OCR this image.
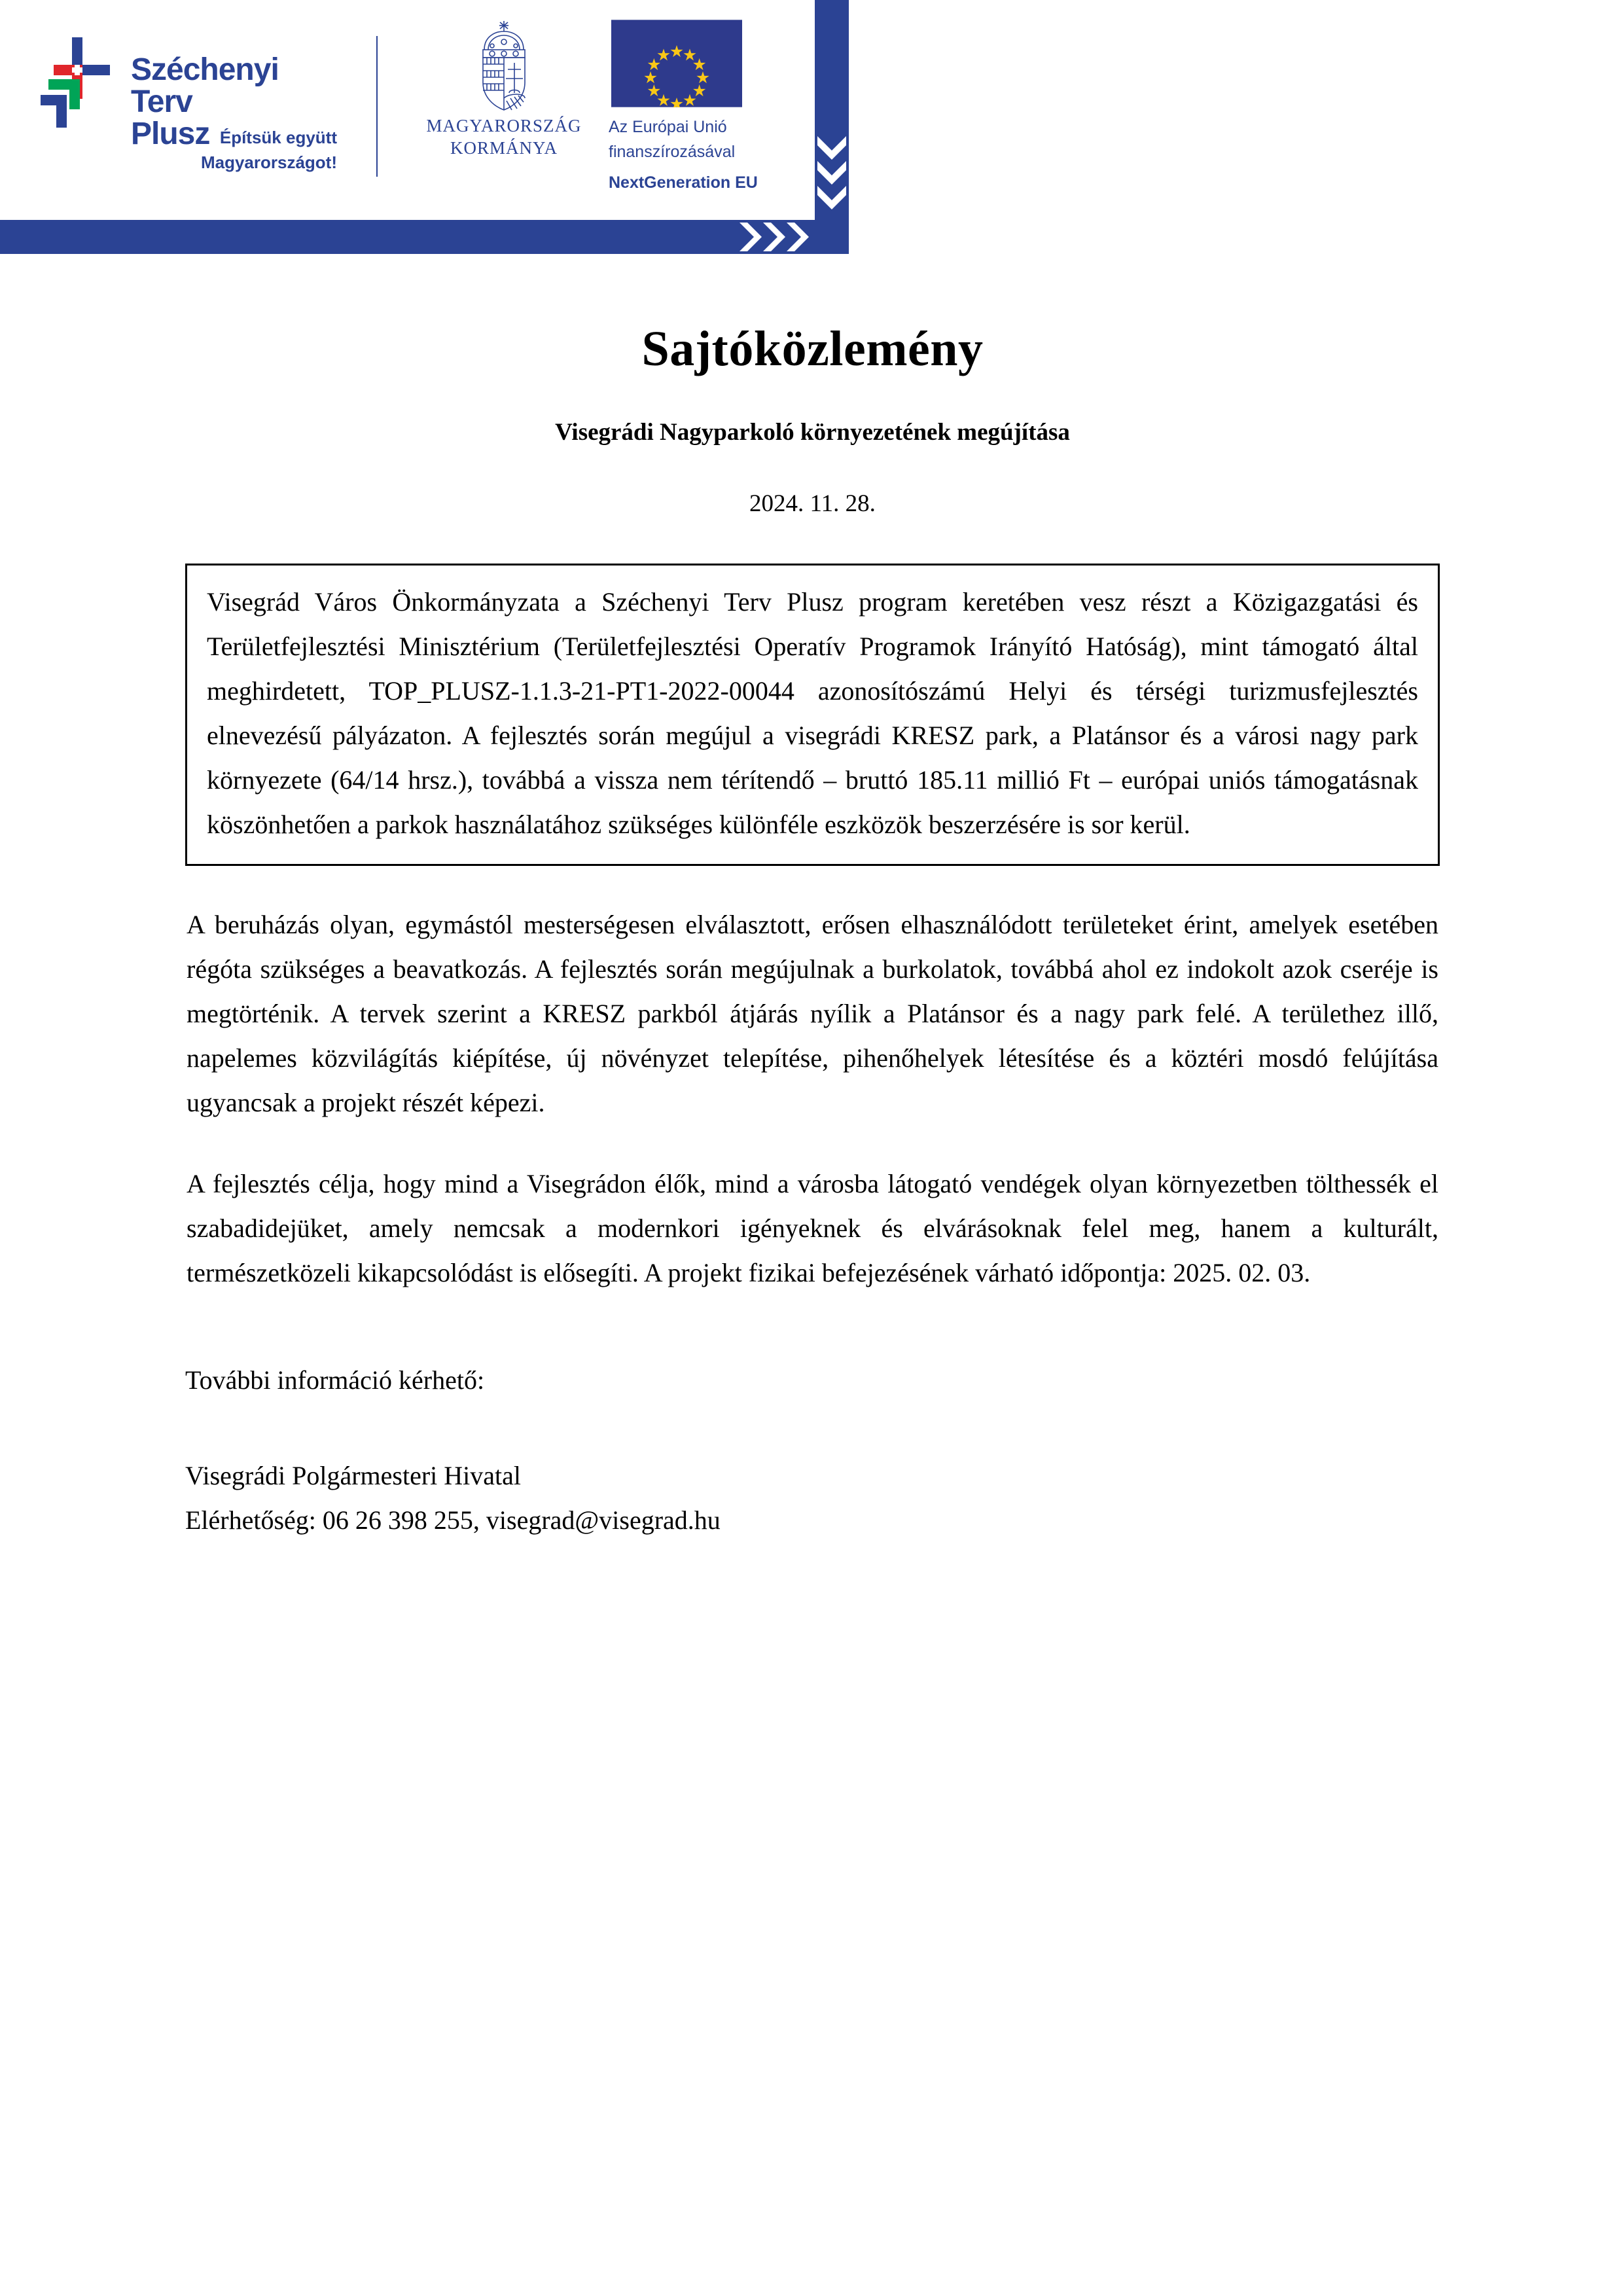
Széchenyi Terv
Plusz Építsük együtt Magyarországot!
MAGYARORSZÁG
KORMÁNYA
Az Európai Unió
finanszírozásával
NextGeneration EU
Sajtóközlemény
Visegrádi Nagyparkoló környezetének megújítása
2024. 11. 28.

Visegrád Város Önkormányzata a Széchenyi Terv Plusz program keretében vesz részt a Közigazgatási és Területfejlesztési Minisztérium (Területfejlesztési Operatív Programok Irányító Hatóság), mint támogató által meghirdetett, TOP_PLUSZ-1.1.3-21-PT1-2022-00044 azonosítószámú Helyi és térségi turizmusfejlesztés elnevezésű pályázaton. A fejlesztés során megújul a visegrádi KRESZ park, a Platánsor és a városi nagy park környezete (64/14 hrsz.), továbbá a vissza nem térítendő – bruttó 185.11 millió Ft – európai uniós támogatásnak köszönhetően a parkok használatához szükséges különféle eszközök beszerzésére is sor kerül.

A beruházás olyan, egymástól mesterségesen elválasztott, erősen elhasználódott területeket érint, amelyek esetében régóta szükséges a beavatkozás. A fejlesztés során megújulnak a burkolatok, továbbá ahol ez indokolt azok cseréje is megtörténik. A tervek szerint a KRESZ parkból átjárás nyílik a Platánsor és a nagy park felé. A területhez illő, napelemes közvilágítás kiépítése, új növényzet telepítése, pihenőhelyek létesítése és a köztéri mosdó felújítása ugyancsak a projekt részét képezi.

A fejlesztés célja, hogy mind a Visegrádon élők, mind a városba látogató vendégek olyan környezetben tölthessék el szabadidejüket, amely nemcsak a modernkori igényeknek és elvárásoknak felel meg, hanem a kulturált, természetközeli kikapcsolódást is elősegíti. A projekt fizikai befejezésének várható időpontja: 2025. 02. 03.

További információ kérhető:

Visegrádi Polgármesteri Hivatal

Elérhetőség: 06 26 398 255, visegrad@visegrad.hu
